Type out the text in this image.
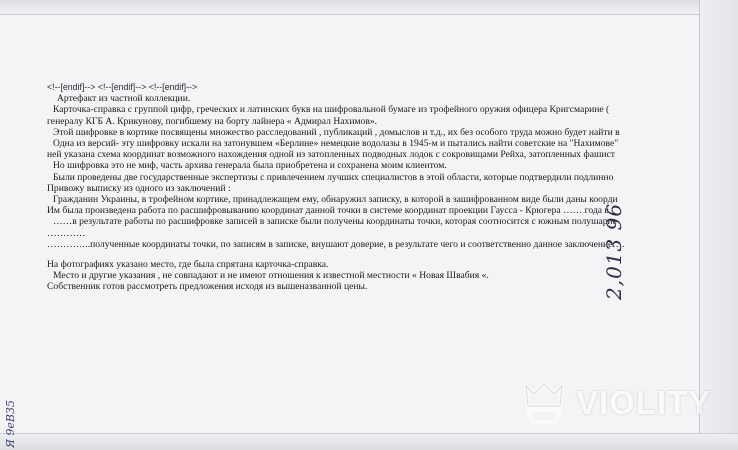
<!--[endif]--> <!--[endif]--> <!--[endif]-->
Артефакт из частной коллекции.
Карточка-справка с группой цифр, греческих и латинских букв на шифровальной бумаге из трофейного оружия офицера Кригсмарине (
генералу КГБ А. Крикунову, погибшему на борту лайнера « Адмирал Нахимов».
Этой шифровке в кортике посвящены множество расследований , публикаций , домыслов и т.д., их без особого труда можно будет найти в
Одна из версий- эту шифровку искали на затонувшем «Берлине» немецкие водолазы в 1945-м и пытались найти советские на "Нахимове"
ней указана схема координат возможного нахождения одной из затопленных подводных лодок с сокровищами Рейха, затопленных фашист
Но шифровка это не миф, часть архива генерала была приобретена и сохранена моим клиентом.
Были проведены две государственные экспертизы с привлечением лучших специалистов в этой области, которые подтвердили подлинно
Привожу выписку из одного из заключений :
Гражданин Украины, в трофейном кортике, принадлежащем ему, обнаружил записку, в которой в зашифрованном виде были даны коорди
Им была произведена работа по расшифровыванию координат данной точки в системе координат проекции Гаусса - Крюгера …… года в
……в результате работы по расшифровке записей в записке были получены координаты точки, которая соотносится с южным полушарие
…………
…………..полученные координаты точки, по записям в записке, внушают доверие, в результате чего и соответственно данное заключение….
На фотографиях указано место, где была спрятана карточка-справка.
Место и другие указания , не совпадают и не имеют отношения к известной местности « Новая Швабия «.
Собственник готов рассмотреть предложения исходя из вышеназванной цены.	2,013 96
Я 9еВЗ5	VIOLITY
